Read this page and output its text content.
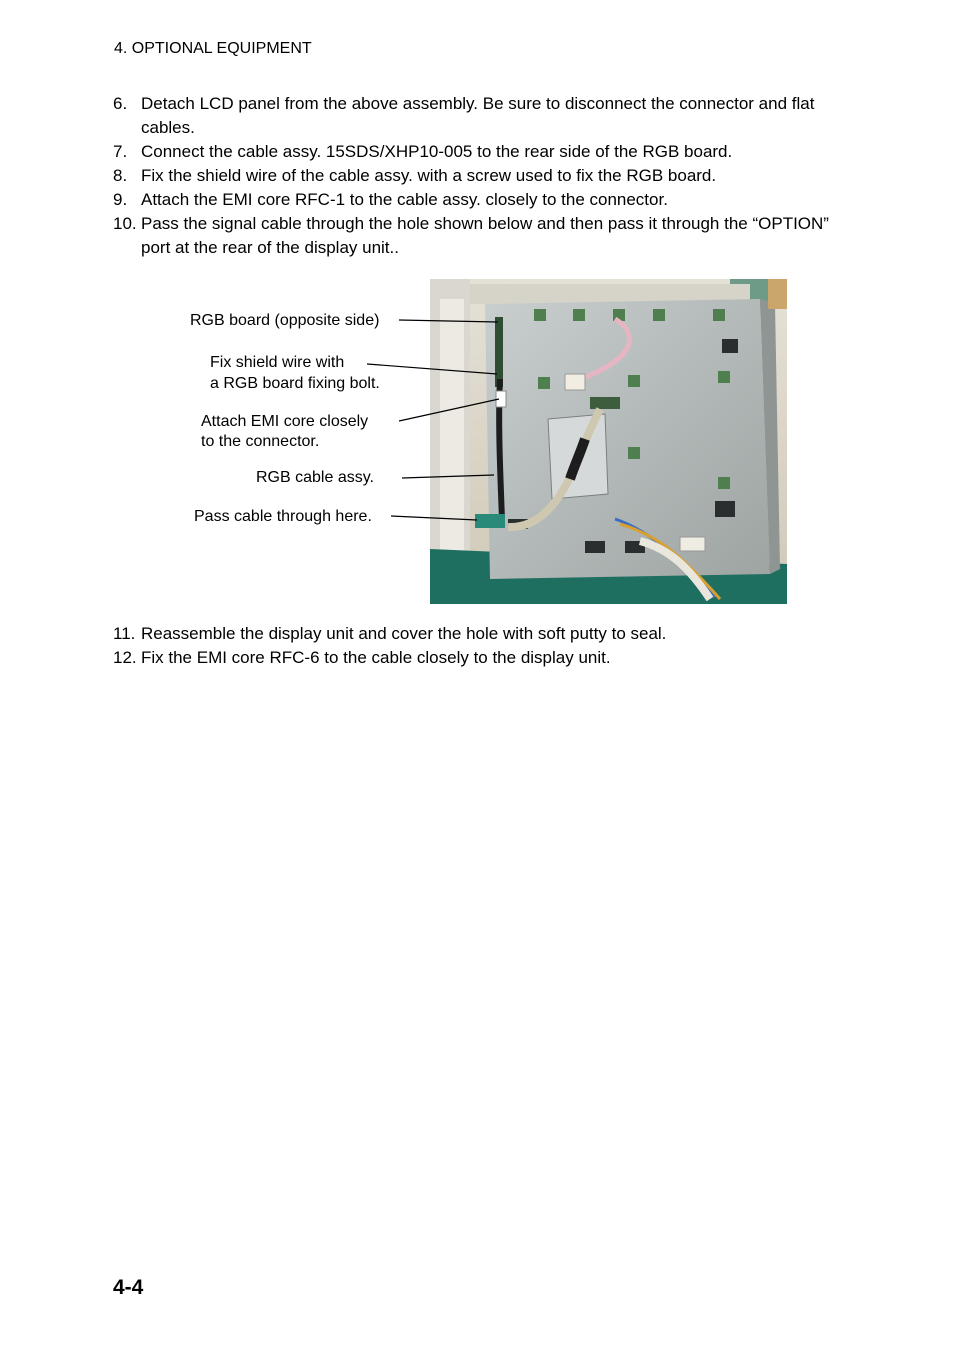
4. OPTIONAL EQUIPMENT
6. Detach LCD panel from the above assembly. Be sure to disconnect the connector and flat cables.
7. Connect the cable assy. 15SDS/XHP10-005 to the rear side of the RGB board.
8. Fix the shield wire of the cable assy. with a screw used to fix the RGB board.
9. Attach the EMI core RFC-1 to the cable assy. closely to the connector.
10. Pass the signal cable through the hole shown below and then pass it through the “OPTION” port at the rear of the display unit..
RGB board (opposite side)
Fix shield wire with
a RGB board fixing bolt.
Attach EMI core closely
to the connector.
RGB cable assy.
Pass cable through here.
11. Reassemble the display unit and cover the hole with soft putty to seal.
12. Fix the EMI core RFC-6 to the cable closely to the display unit.
4-4
